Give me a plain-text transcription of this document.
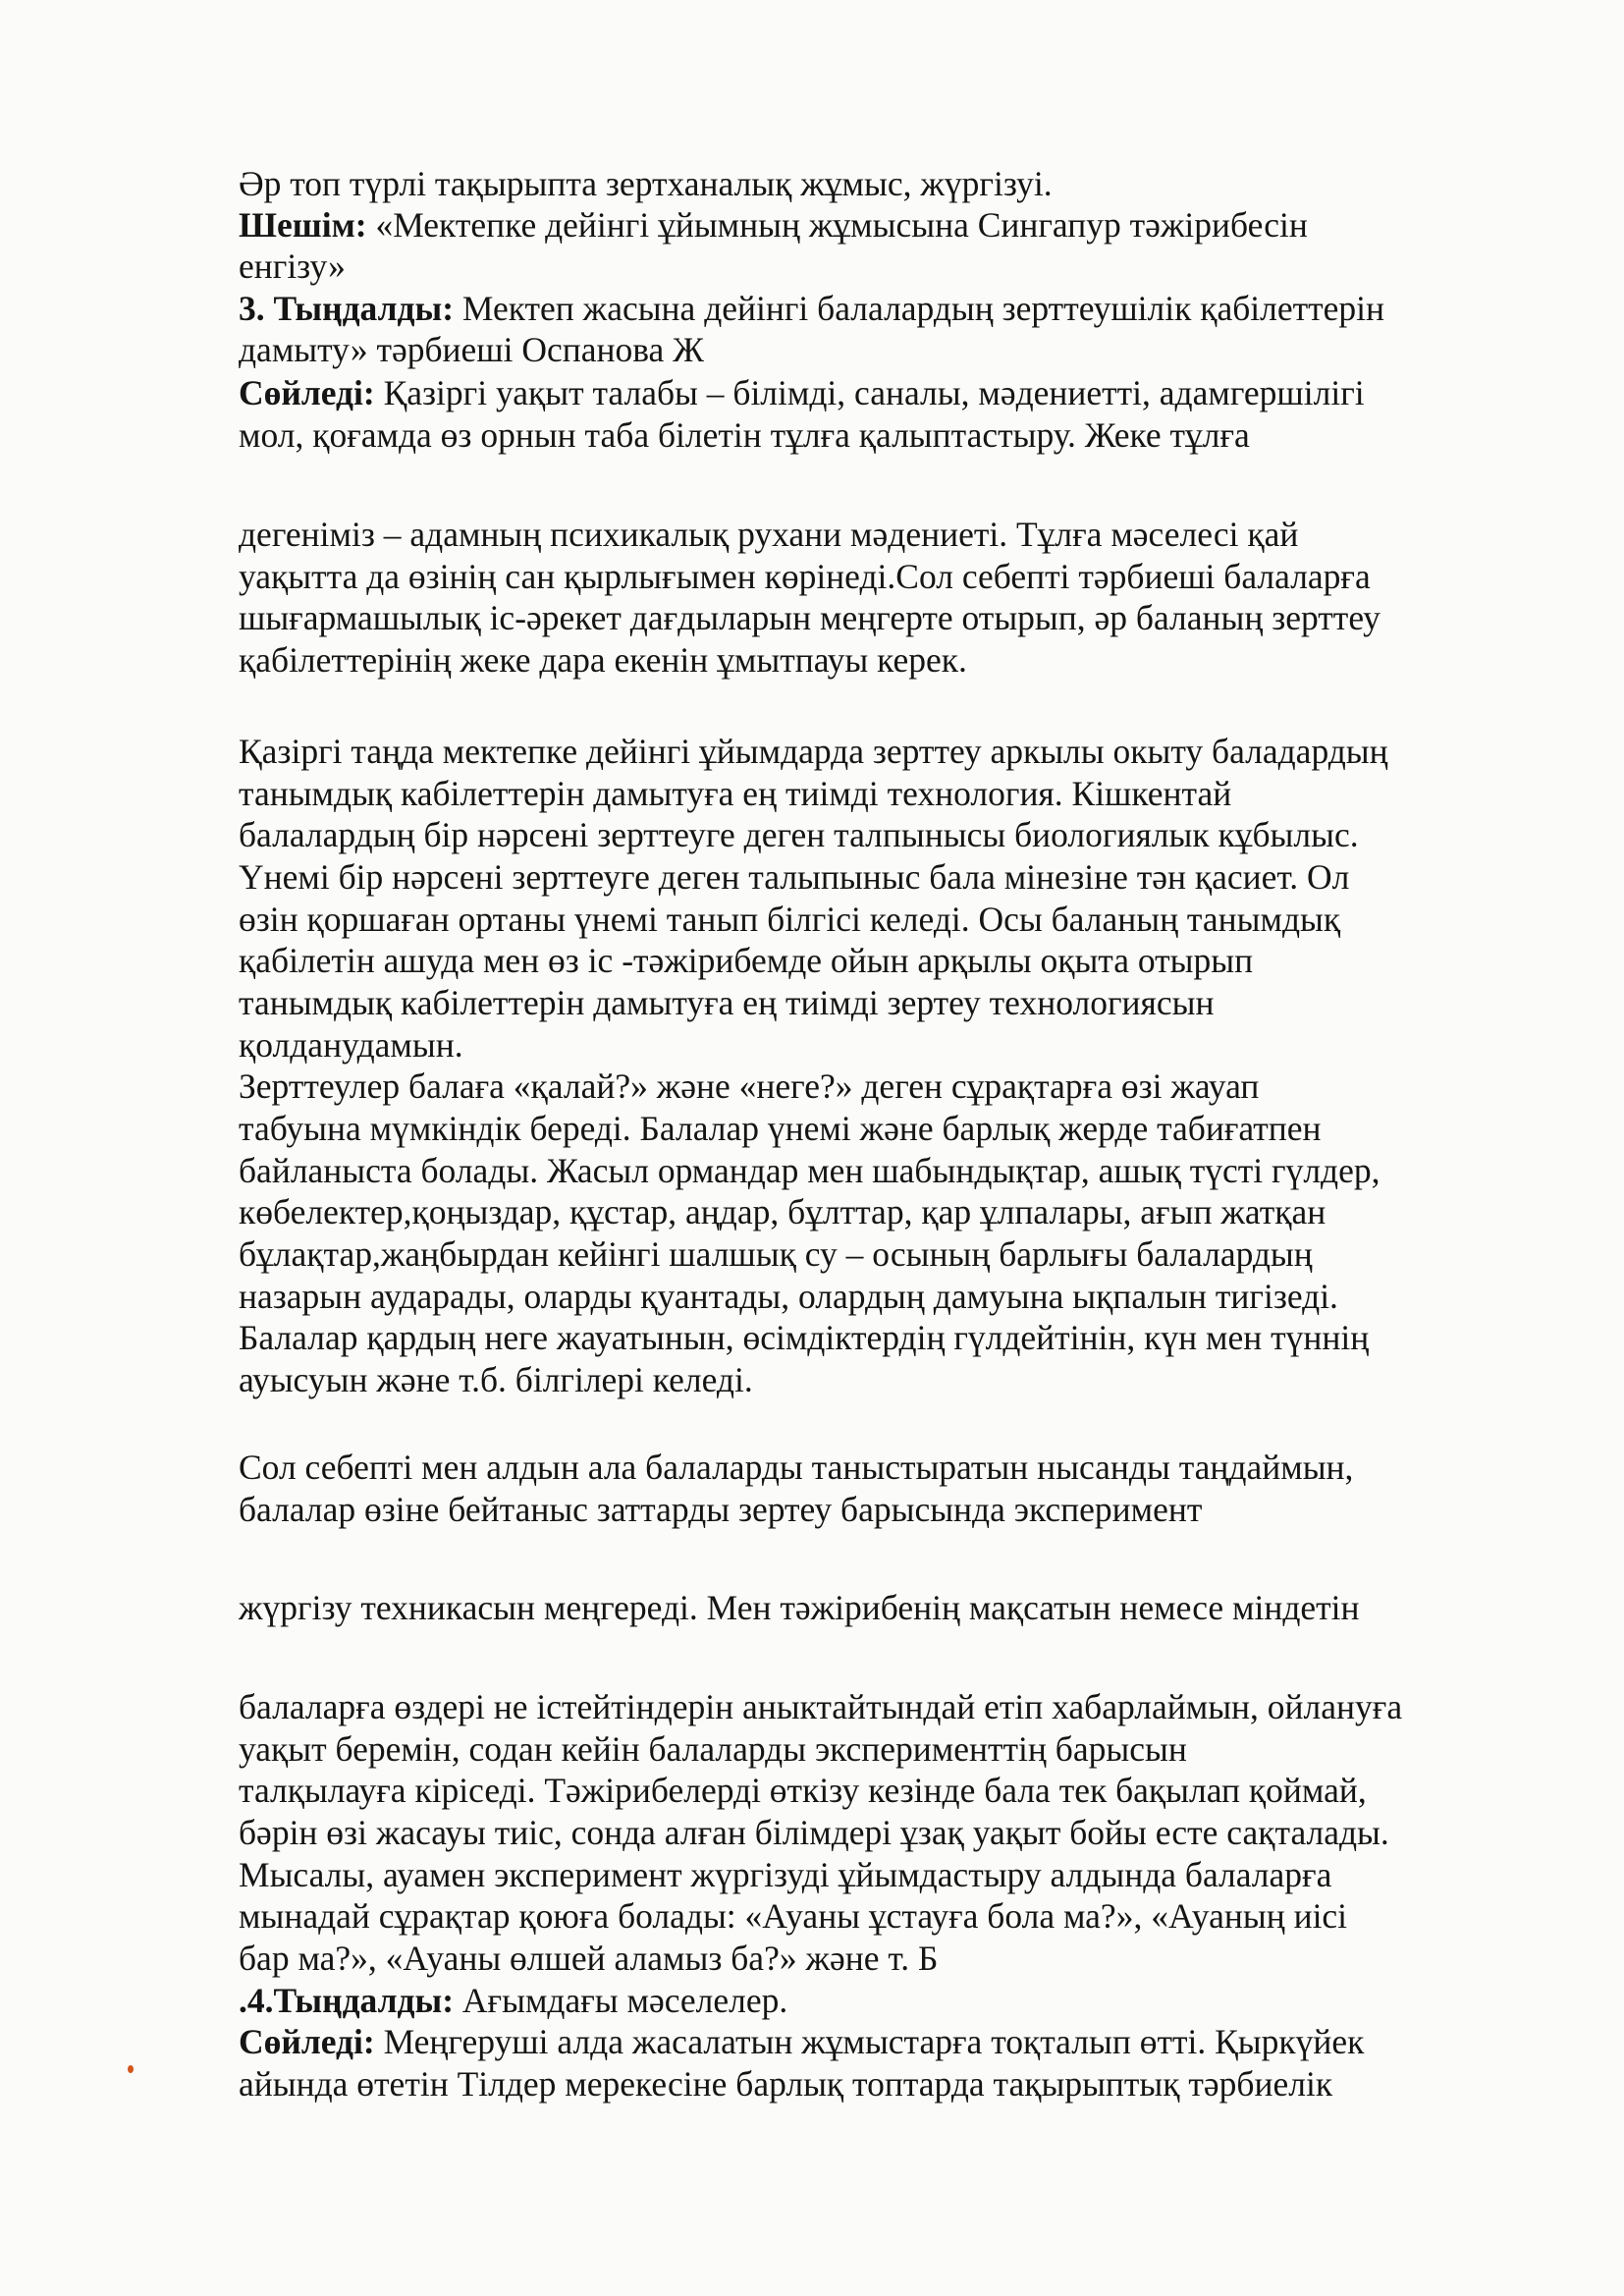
Әр топ түрлі тақырыпта зертханалық жұмыс, жүргізуі.

Шешім: «Мектепке дейінгі ұйымның жұмысына Сингапур тәжірибесін

енгізу»

3. Тыңдалды: Мектеп жасына дейінгі балалардың зерттеушілік қабілеттерін

дамыту» тәрбиеші Оспанова Ж

Сөйледі: Қазіргі уақыт талабы – білімді, саналы, мәдениетті, адамгершілігі

мол, қоғамда өз орнын таба білетін тұлға қалыптастыру. Жеке тұлға

дегеніміз – адамның психикалық рухани мәдениеті. Тұлға мәселесі қай

уақытта да өзінің сан қырлығымен көрінеді.Сол себепті тәрбиеші балаларға

шығармашылық іс-әрекет дағдыларын меңгерте отырып, әр баланың зерттеу

қабілеттерінің жеке дара екенін ұмытпауы керек.

Қазіргі таңда мектепке дейінгі ұйымдарда зерттеу аркылы окыту баладардың

танымдық кабілеттерін дамытуға ең тиімді технология. Кішкентай

балалардың бір нәрсені зерттеуге деген талпынысы биологиялык кұбылыс.

Үнемі бір нәрсені зерттеуге деген талыпыныс бала мінезіне тән қасиет. Ол

өзін қоршаған ортаны үнемі танып білгісі келеді. Осы баланың танымдық

қабілетін ашуда мен өз іс -тәжірибемде ойын арқылы оқыта отырып

танымдық кабілеттерін дамытуға ең тиімді зертеу технологиясын

қолданудамын.

Зерттеулер балаға «қалай?» және «неге?» деген сұрақтарға өзі жауап

табуына мүмкіндік береді. Балалар үнемі және барлық жерде табиғатпен

байланыста болады. Жасыл ормандар мен шабындықтар, ашық түсті гүлдер,

көбелектер,қоңыздар, құстар, аңдар, бұлттар, қар ұлпалары, ағып жатқан

бұлақтар,жаңбырдан кейінгі шалшық су – осының барлығы балалардың

назарын аударады, оларды қуантады, олардың дамуына ықпалын тигізеді.

Балалар қардың неге жауатынын, өсімдіктердің гүлдейтінін, күн мен түннің

ауысуын және т.б. білгілері келеді.

Сол себепті мен алдын ала балаларды таныстыратын нысанды таңдаймын,

балалар өзіне бейтаныс заттарды зертеу барысында эксперимент

жүргізу техникасын меңгереді. Мен тәжірибенің мақсатын немесе міндетін

балаларға өздері не істейтіндерін аныктайтындай етіп хабарлаймын, ойлануға

уақыт беремін, содан кейін балаларды эксперименттің барысын

талқылауға кіріседі. Тәжірибелерді өткізу кезінде бала тек бақылап қоймай,

бәрін өзі жасауы тиіс, сонда алған білімдері ұзақ уақыт бойы есте сақталады.

Мысалы, ауамен эксперимент жүргізуді ұйымдастыру алдында балаларға

мынадай сұрақтар қоюға болады: «Ауаны ұстауға бола ма?», «Ауаның иісі

бар ма?», «Ауаны өлшей аламыз ба?» және т. Б

.4.Тыңдалды: Ағымдағы мәселелер.

Сөйледі: Меңгеруші алда жасалатын жұмыстарға тоқталып өтті. Қыркүйек

айында өтетін Тілдер мерекесіне барлық топтарда тақырыптық тәрбиелік
